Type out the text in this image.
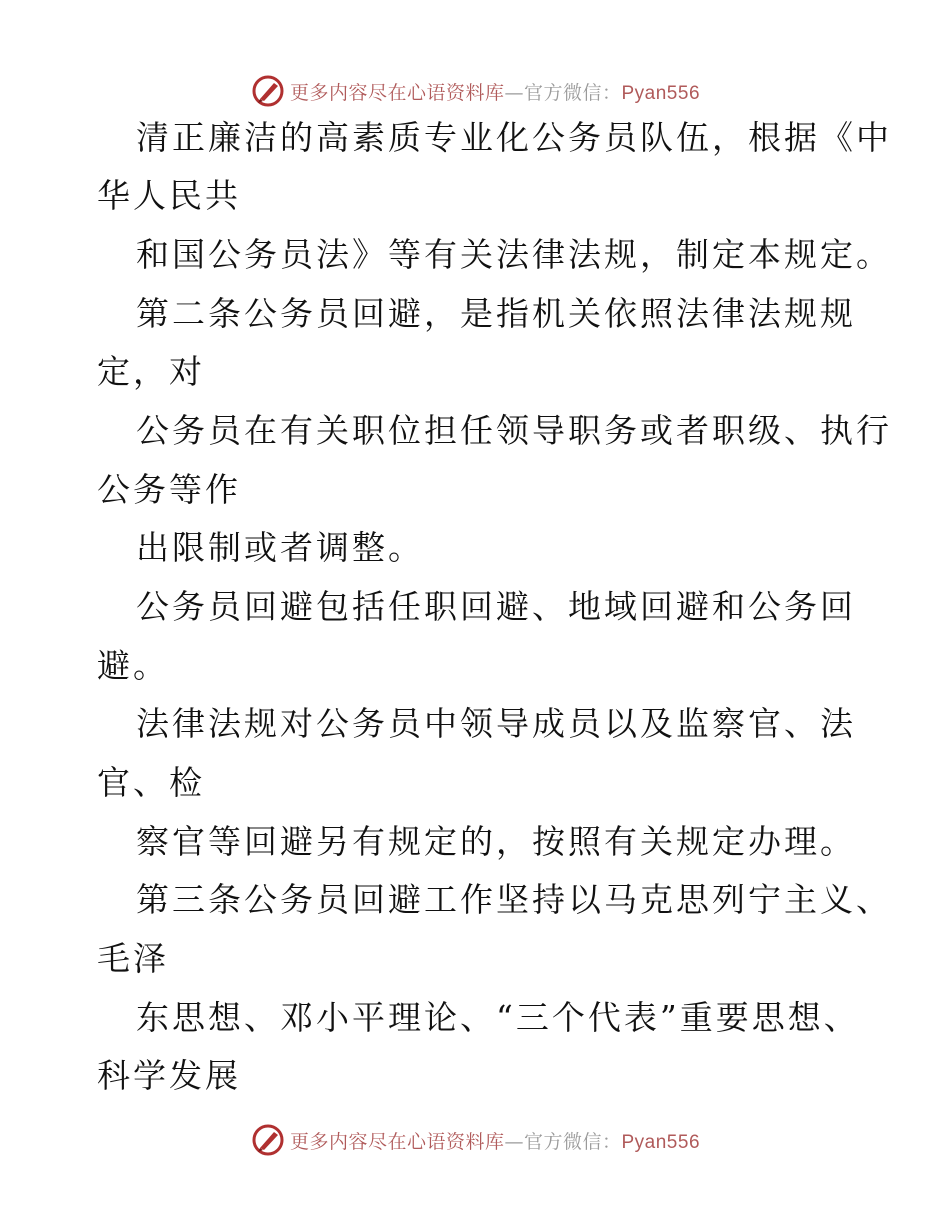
更多内容尽在心语资料库—官方微信：Pyan556
清正廉洁的高素质专业化公务员队伍，根据《中
华人民共
和国公务员法》等有关法律法规，制定本规定。
第二条公务员回避，是指机关依照法律法规规
定，对
公务员在有关职位担任领导职务或者职级、执行
公务等作
出限制或者调整。
公务员回避包括任职回避、地域回避和公务回
避。
法律法规对公务员中领导成员以及监察官、法
官、检
察官等回避另有规定的，按照有关规定办理。
第三条公务员回避工作坚持以马克思列宁主义、
毛泽
东思想、邓小平理论、“三个代表”重要思想、
科学发展
更多内容尽在心语资料库—官方微信：Pyan556
